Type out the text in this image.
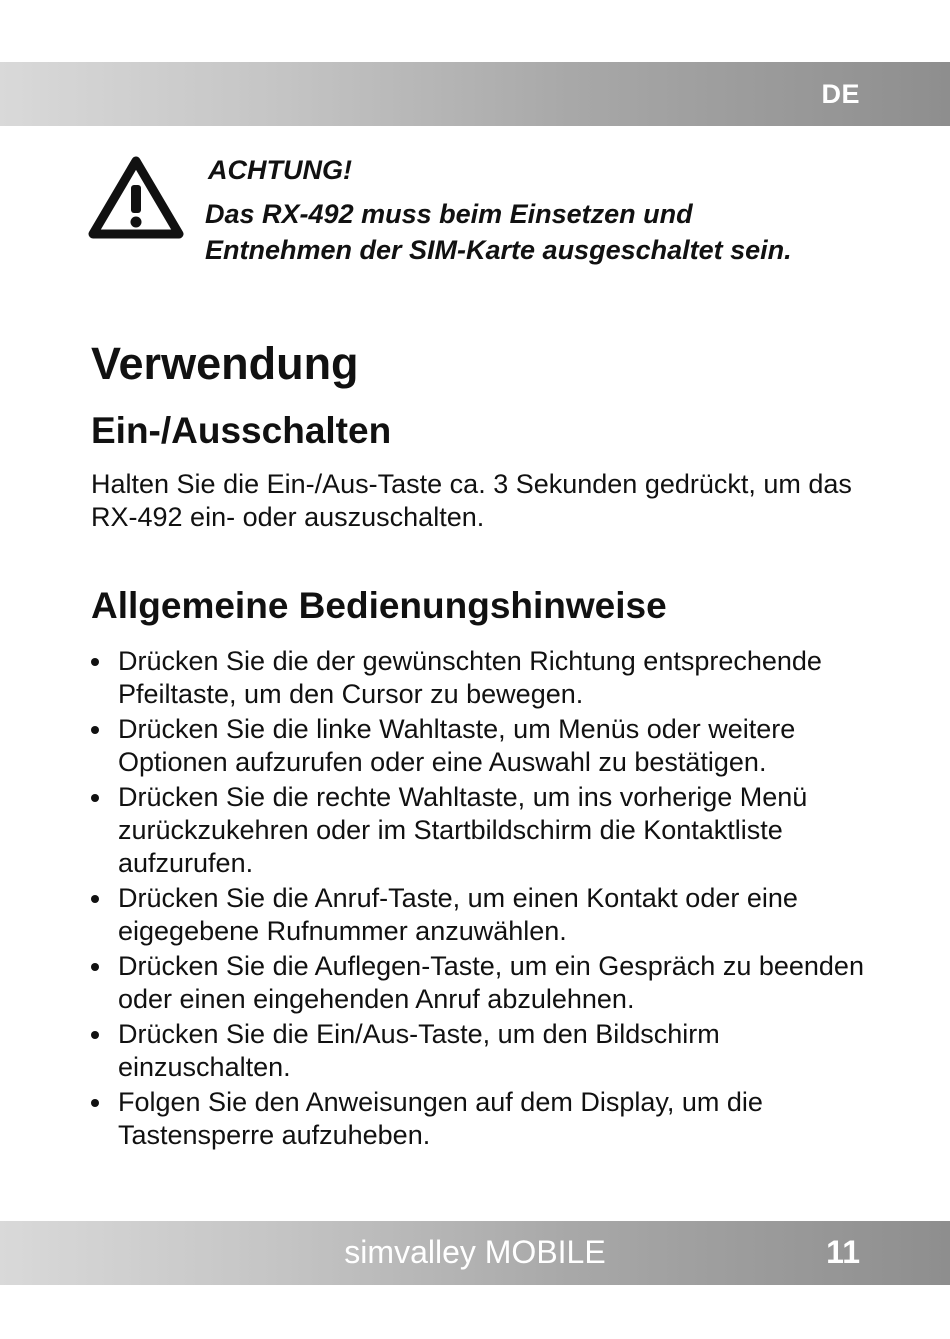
DE
ACHTUNG!
Das RX-492 muss beim Einsetzen und
Entnehmen der SIM-Karte ausgeschaltet sein.
Verwendung
Ein-/Ausschalten
Halten Sie die Ein-/Aus-Taste ca. 3 Sekunden gedrückt, um das RX-492 ein- oder auszuschalten.
Allgemeine Bedienungshinweise
Drücken Sie die der gewünschten Richtung entsprechende Pfeiltaste, um den Cursor zu bewegen.
Drücken Sie die linke Wahltaste, um Menüs oder weitere Optionen aufzurufen oder eine Auswahl zu bestätigen.
Drücken Sie die rechte Wahltaste, um ins vorherige Menü zurückzukehren oder im Startbildschirm die Kontaktliste aufzurufen.
Drücken Sie die Anruf-Taste, um einen Kontakt oder eine eigegebene Rufnummer anzuwählen.
Drücken Sie die Auflegen-Taste, um ein Gespräch zu beenden oder einen eingehenden Anruf abzulehnen.
Drücken Sie die Ein/Aus-Taste, um den Bildschirm einzuschalten.
Folgen Sie den Anweisungen auf dem Display, um die Tastensperre aufzuheben.
simvalley MOBILE	11
